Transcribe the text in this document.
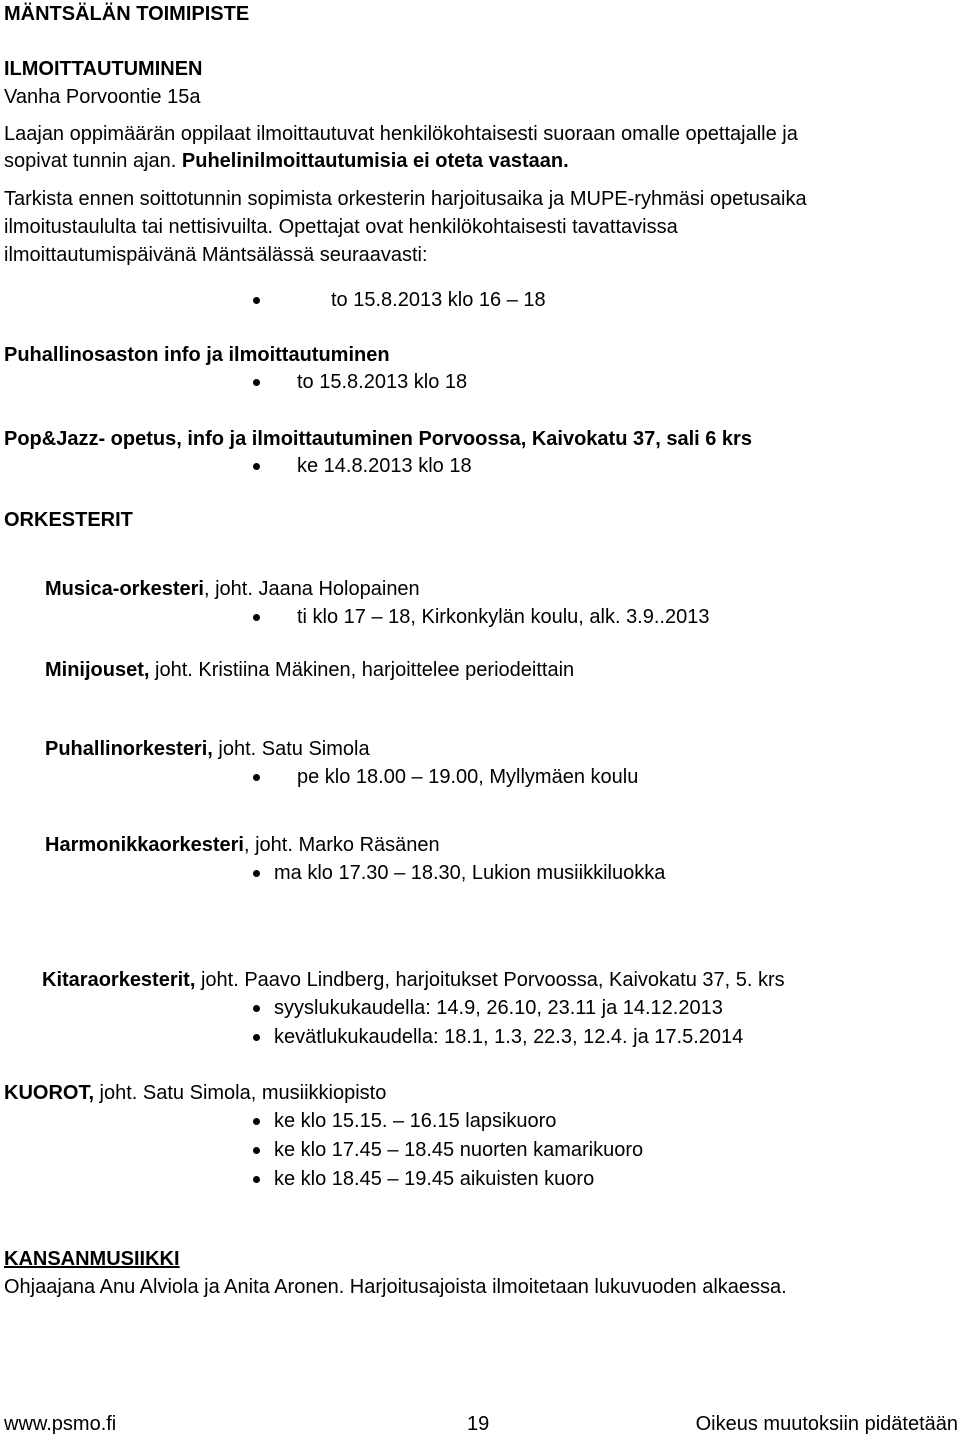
MÄNTSÄLÄN TOIMIPISTE
ILMOITTAUTUMINEN
Vanha Porvoontie 15a
Laajan oppimäärän oppilaat ilmoittautuvat henkilökohtaisesti suoraan omalle opettajalle ja
sopivat tunnin ajan. Puhelinilmoittautumisia ei oteta vastaan.
Tarkista ennen soittotunnin sopimista orkesterin harjoitusaika ja MUPE-ryhmäsi opetusaika
ilmoitustaululta tai nettisivuilta. Opettajat ovat henkilökohtaisesti tavattavissa
ilmoittautumispäivänä Mäntsälässä seuraavasti:
to 15.8.2013 klo 16 – 18
Puhallinosaston info ja ilmoittautuminen
to 15.8.2013 klo 18
Pop&Jazz- opetus, info ja ilmoittautuminen Porvoossa, Kaivokatu 37, sali 6 krs
ke 14.8.2013 klo 18
ORKESTERIT
Musica-orkesteri, joht. Jaana Holopainen
ti klo 17 – 18, Kirkonkylän koulu, alk. 3.9..2013
Minijouset, joht. Kristiina Mäkinen, harjoittelee periodeittain
Puhallinorkesteri, joht. Satu Simola
pe klo 18.00 – 19.00, Myllymäen koulu
Harmonikkaorkesteri, joht. Marko Räsänen
ma klo 17.30 – 18.30, Lukion musiikkiluokka
Kitaraorkesterit, joht. Paavo Lindberg, harjoitukset Porvoossa, Kaivokatu 37, 5. krs
syyslukukaudella: 14.9, 26.10, 23.11 ja 14.12.2013
kevätlukukaudella: 18.1, 1.3, 22.3, 12.4. ja 17.5.2014
KUOROT, joht. Satu Simola, musiikkiopisto
ke klo 15.15. – 16.15 lapsikuoro
ke klo 17.45 – 18.45 nuorten kamarikuoro
ke klo 18.45 – 19.45 aikuisten kuoro
KANSANMUSIIKKI
Ohjaajana Anu Alviola ja Anita Aronen. Harjoitusajoista ilmoitetaan lukuvuoden alkaessa.
www.psmo.fi	19	Oikeus muutoksiin pidätetään
